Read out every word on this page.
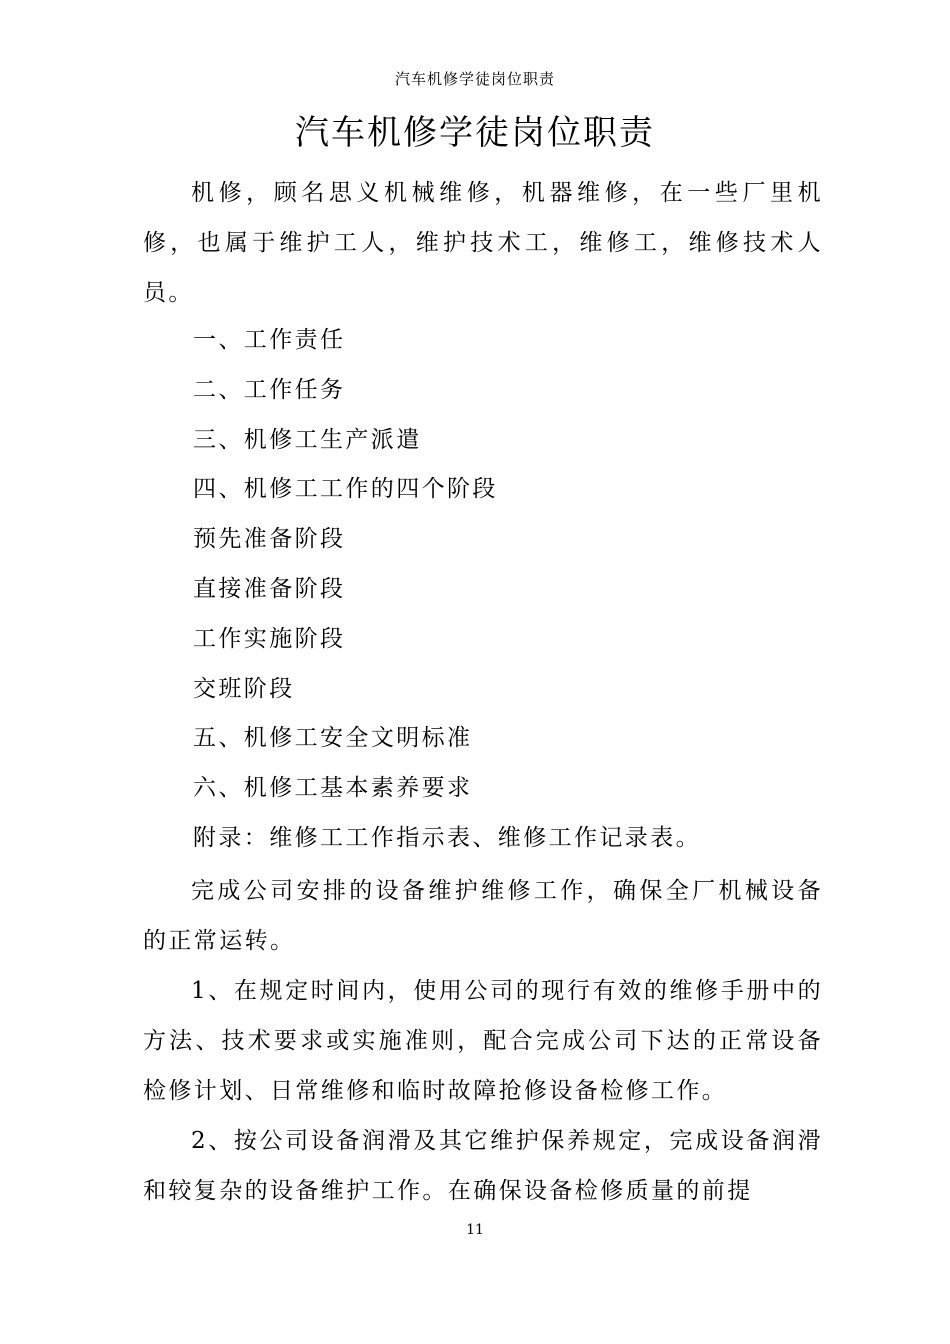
汽车机修学徒岗位职责
汽车机修学徒岗位职责

机修，顾名思义机械维修，机器维修，在一些厂里机修，也属于维护工人，维护技术工，维修工，维修技术人员。

一、工作责任
二、工作任务
三、机修工生产派遣
四、机修工工作的四个阶段
预先准备阶段
直接准备阶段
工作实施阶段
交班阶段
五、机修工安全文明标准
六、机修工基本素养要求
附录：维修工工作指示表、维修工作记录表。

完成公司安排的设备维护维修工作，确保全厂机械设备的正常运转。

1、在规定时间内，使用公司的现行有效的维修手册中的方法、技术要求或实施准则，配合完成公司下达的正常设备检修计划、日常维修和临时故障抢修设备检修工作。

2、按公司设备润滑及其它维护保养规定，完成设备润滑和较复杂的设备维护工作。在确保设备检修质量的前提

11
